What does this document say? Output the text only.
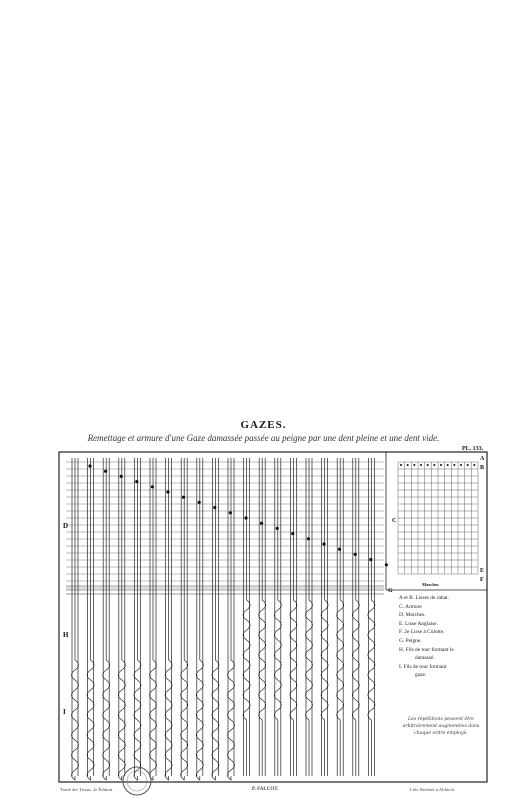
GAZES.
Remettage et armure d'une Gaze damassée passée au peigne par une dent pleine et une dent vide.
PL. 133.
D
H
I
A
B
C
Marches
E
F
G
A et B. Lisses de rabat.
C. Armure
D. Marches.
E. Lisse Anglaise.
F. 2e Lisse à Culotte.
G. Peigne.
H. Fils de tour formant le
damassé.
I. Fils de tour formant
gaze.
Les répétitions peuvent être arbitrairement augmentées dans chaque ordre employé.
✦
Traité des Tissus, 2e Édition.	P. FALCOT.	Lith. Boehrer à Altkirch.
